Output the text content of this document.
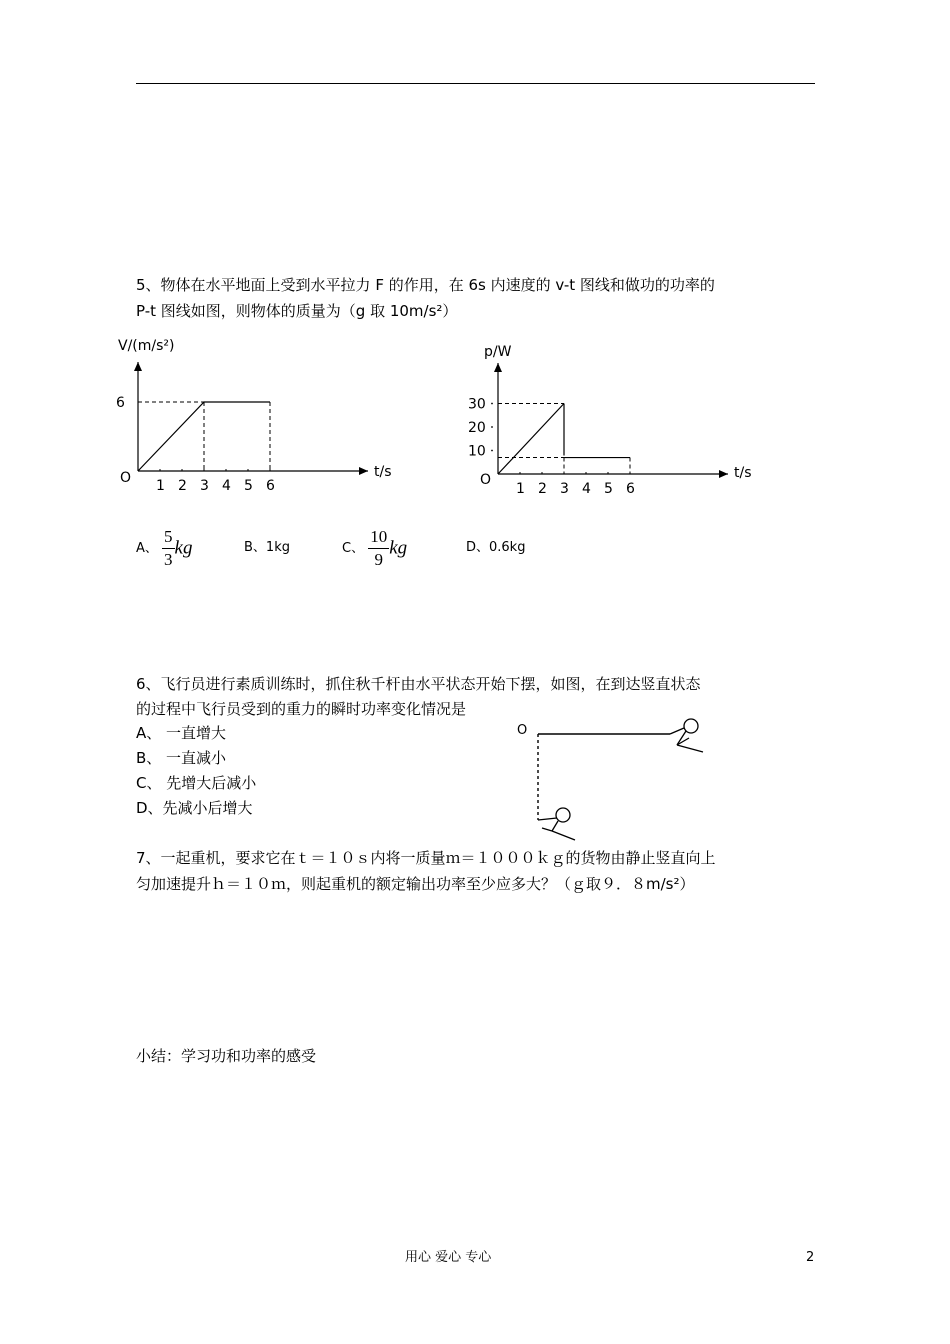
5、物体在水平地面上受到水平拉力 F 的作用，在 6s 内速度的 v-t 图线和做功的功率的
P-t 图线如图，则物体的质量为（g 取 10m/s²）
V/(m/s²)
t/s
O 1 2 3 4 5 6
6
p/W
t/s
O
1 2 3 4 5 6
10
20
30
A、 $\frac{5}{3}$ kg	B、1kg	C、 $\frac{10}{9}$ kg	D、0.6kg
6、飞行员进行素质训练时，抓住秋千杆由水平状态开始下摆，如图，在到达竖直状态
的过程中飞行员受到的重力的瞬时功率变化情况是
A、 一直增大
B、 一直减小
C、 先增大后减小
D、先减小后增大
O
7、一起重机，要求它在ｔ＝１０ｓ内将一质量ｍ＝１０００ｋｇ的货物由静止竖直向上
匀加速提升ｈ＝１０ｍ，则起重机的额定输出功率至少应多大？（ｇ取９．８m/s²）
小结：学习功和功率的感受
用心 爱心 专心	2
